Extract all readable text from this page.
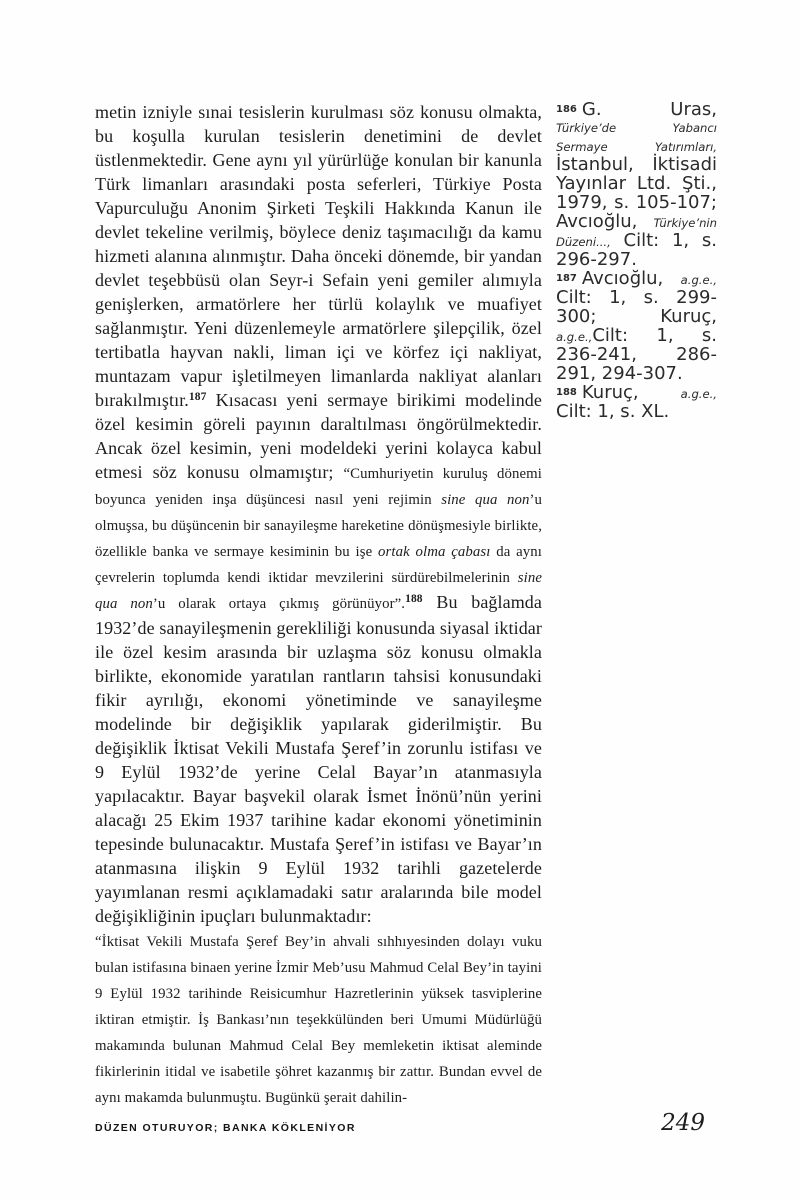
metin izniyle sınai tesislerin kurulması söz konusu olmakta, bu koşulla kurulan tesislerin denetimini de devlet üstlenmektedir. Gene aynı yıl yürürlüğe konulan bir kanunla Türk limanları arasındaki posta seferleri, Türkiye Posta Vapurculuğu Anonim Şirketi Teşkili Hakkında Kanun ile devlet tekeline verilmiş, böylece deniz taşımacılığı da kamu hizmeti alanına alınmıştır. Daha önceki dönemde, bir yandan devlet teşebbüsü olan Seyr-i Sefain yeni gemiler alımıyla genişlerken, armatörlere her türlü kolaylık ve muafiyet sağlanmıştır. Yeni düzenlemeyle armatörlere şilepçilik, özel tertibatla hayvan nakli, liman içi ve körfez içi nakliyat, muntazam vapur işletilmeyen limanlarda nakliyat alanları bırakılmıştır.$^{187}$ Kısacası yeni sermaye birikimi modelinde özel kesimin göreli payının daraltılması öngörülmektedir. Ancak özel kesimin, yeni modeldeki yerini kolayca kabul etmesi söz konusu olmamıştır; “Cumhuriyetin kuruluş dönemi boyunca yeniden inşa düşüncesi nasıl yeni rejimin sine qua non’u olmuşsa, bu düşüncenin bir sanayileşme hareketine dönüşmesiyle birlikte, özellikle banka ve sermaye kesiminin bu işe ortak olma çabası da aynı çevrelerin toplumda kendi iktidar mevzilerini sürdürebilmelerinin sine qua non’u olarak ortaya çıkmış görünüyor”.$^{188}$ Bu bağlamda 1932’de sanayileşmenin gerekliliği konusunda siyasal iktidar ile özel kesim arasında bir uzlaşma söz konusu olmakla birlikte, ekonomide yaratılan rantların tahsisi konusundaki fikir ayrılığı, ekonomi yönetiminde ve sanayileşme modelinde bir değişiklik yapılarak giderilmiştir. Bu değişiklik İktisat Vekili Mustafa Şeref’in zorunlu istifası ve 9 Eylül 1932’de yerine Celal Bayar’ın atanmasıyla yapılacaktır. Bayar başvekil olarak İsmet İnönü’nün yerini alacağı 25 Ekim 1937 tarihine kadar ekonomi yönetiminin tepesinde bulunacaktır. Mustafa Şeref’in istifası ve Bayar’ın atanmasına ilişkin 9 Eylül 1932 tarihli gazetelerde yayımlanan resmi açıklamadaki satır aralarında bile model değişikliğinin ipuçları bulunmaktadır:

“İktisat Vekili Mustafa Şeref Bey’in ahvali sıhhıyesinden dolayı vuku bulan istifasına binaen yerine İzmir Meb’usu Mahmud Celal Bey’in tayini 9 Eylül 1932 tarihinde Reisicumhur Hazretlerinin yüksek tasviplerine iktiran etmiştir. İş Bankası’nın teşekkülünden beri Umumi Müdürlüğü makamında bulunan Mahmud Celal Bey memleketin iktisat aleminde fikirlerinin itidal ve isabetile şöhret kazanmış bir zattır. Bundan evvel de aynı makamda bulunmuştu. Bugünkü şerait dahilin-

186 G. Uras, Türkiye’de Yabancı Sermaye Yatırımları, İstanbul, İktisadi Yayınlar Ltd. Şti., 1979, s. 105-107; Avcıoğlu, Türkiye’nin Düzeni..., Cilt: 1, s. 296-297.
187 Avcıoğlu, a.g.e., Cilt: 1, s. 299-300; Kuruç, a.g.e.,Cilt: 1, s. 236-241, 286-291, 294-307.
188 Kuruç, a.g.e., Cilt: 1, s. XL.
DÜZEN OTURUYOR; BANKA KÖKLENİYOR	249
